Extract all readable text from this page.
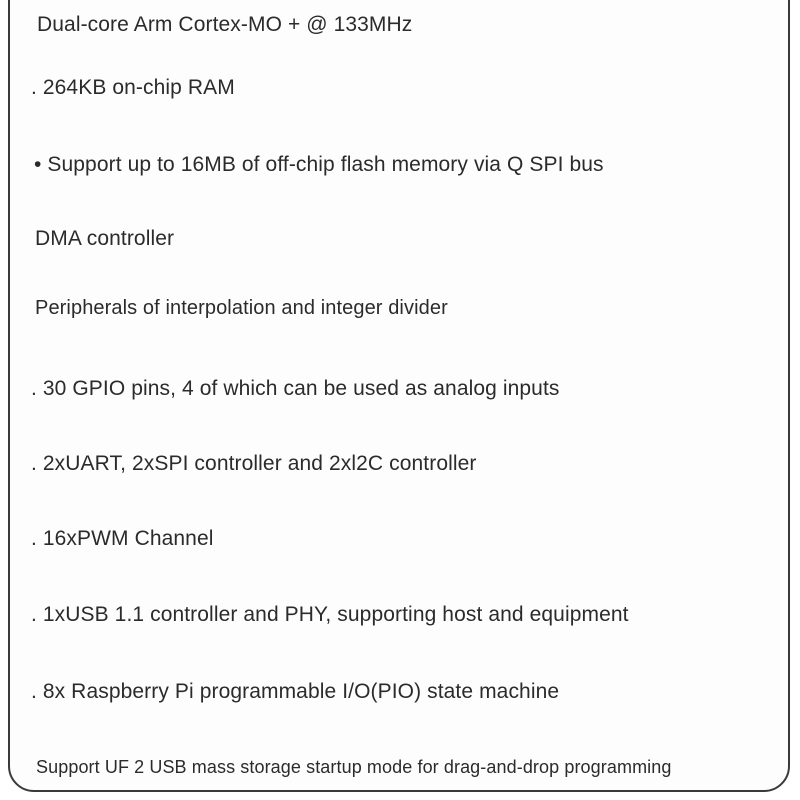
Dual-core Arm Cortex-MO + @ 133MHz
. 264KB on-chip RAM
• Support up to 16MB of off-chip flash memory via Q SPI bus
DMA controller
Peripherals of interpolation and integer divider
. 30 GPIO pins, 4 of which can be used as analog inputs
. 2xUART, 2xSPI controller and 2xl2C controller
. 16xPWM Channel
. 1xUSB 1.1 controller and PHY, supporting host and equipment
. 8x Raspberry Pi programmable I/O(PIO) state machine
Support UF 2 USB mass storage startup mode for drag-and-drop programming
